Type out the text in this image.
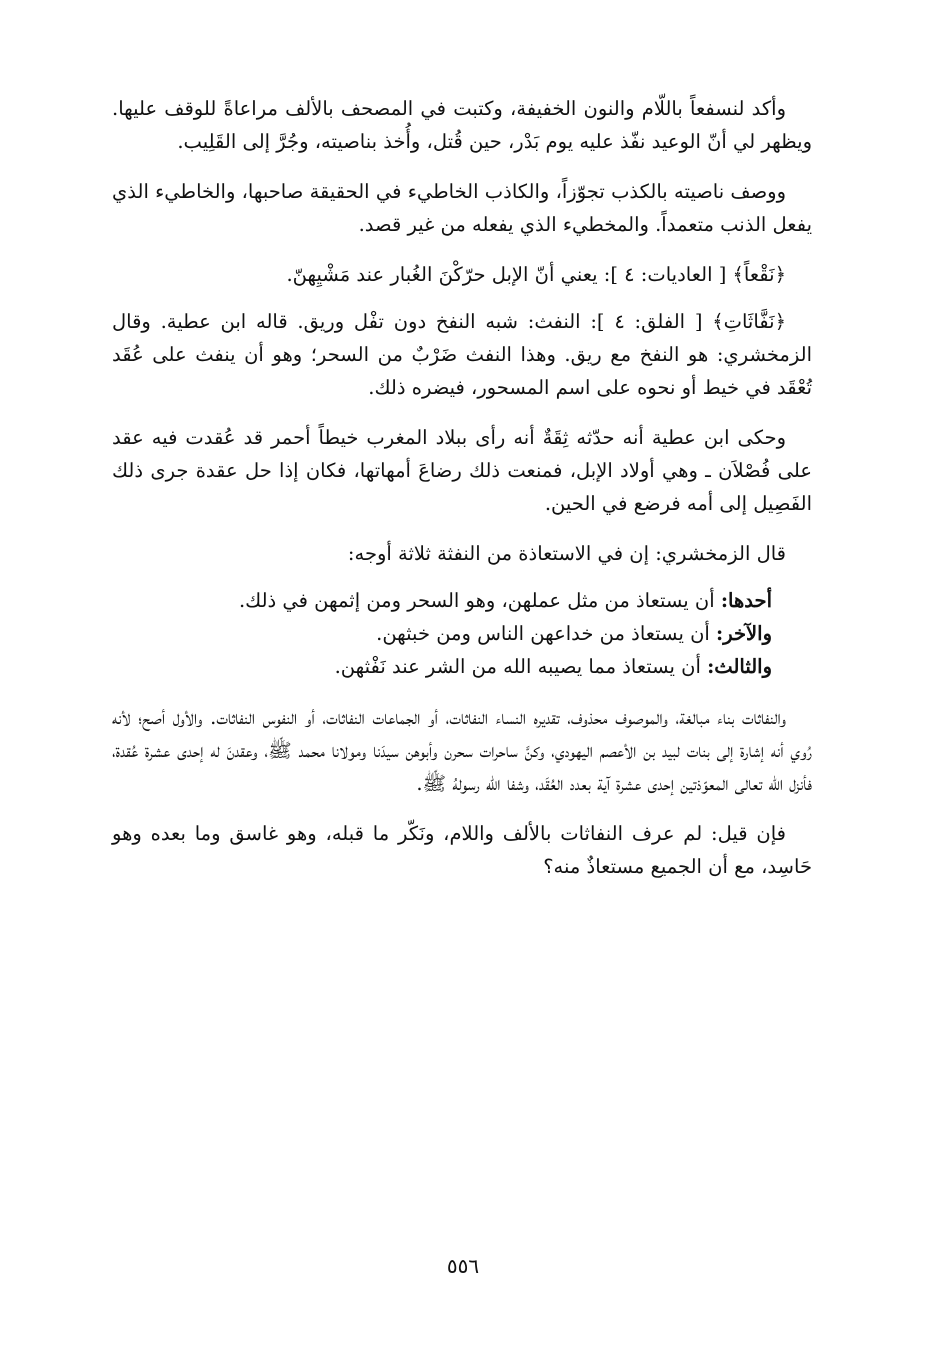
وأكد لنسفعاً باللّام والنون الخفيفة، وكتبت في المصحف بالألف مراعاةً للوقف عليها. ويظهر لي أنّ الوعيد نفّذ عليه يوم بَدْر، حين قُتل، وأُخذ بناصيته، وجُرَّ إلى القَلِيب.

ووصف ناصيته بالكذب تجوّزاً، والكاذب الخاطيء في الحقيقة صاحبها، والخاطيء الذي يفعل الذنب متعمداً. والمخطيء الذي يفعله من غير قصد.

﴿نَقْعاً﴾ [ العاديات: ٤ ]: يعني أنّ الإبل حرّكْنَ الغُبار عند مَشْيِهنّ.

﴿نَفَّاثَاتِ﴾ [ الفلق: ٤ ]: النفث: شبه النفخ دون تفْل وريق. قاله ابن عطية. وقال الزمخشري: هو النفخ مع ريق. وهذا النفث ضَرْبٌ من السحر؛ وهو أن ينفث على عُقَد تُعْقَد في خيط أو نحوه على اسم المسحور، فيضره ذلك.

وحكى ابن عطية أنه حدّثه ثِقَةٌ أنه رأى ببلاد المغرب خيطاً أحمر قد عُقدت فيه عقد على فُصْلاَن ـ وهي أولاد الإبل، فمنعت ذلك رضاعَ أمهاتها، فكان إذا حل عقدة جرى ذلك الفَصِيل إلى أمه فرضع في الحين.

قال الزمخشري: إن في الاستعاذة من النفثة ثلاثة أوجه:

أحدها: أن يستعاذ من مثل عملهن، وهو السحر ومن إثمهن في ذلك.

والآخر: أن يستعاذ من خداعهن الناس ومن خبثهن.

والثالث: أن يستعاذ مما يصيبه الله من الشر عند نَفْثهن.

والنفاثات بناء مبالغة، والموصوف محذوف، تقديره النساء النفاثات، أو الجماعات النفاثات، أو النفوس النفاثات. والأول أصح؛ لأنه رُوي أنه إشارة إلى بنات لبيد بن الأعصم اليهودي، وكنَّ ساحرات سحرن وأبوهن سيدَنا ومولانا محمد ﷺ، وعقدنَ له إحدى عشرة عُقدة، فأنزل الله تعالى المعوّذتين إحدى عشرة آية بعدد العُقَد، وشفا الله رسولهُ ﷺ.

فإن قيل: لم عرف النفاثات بالألف واللام، ونَكّر ما قبله، وهو غاسق وما بعده وهو حَاسِد، مع أن الجميع مستعاذٌ منه؟

٥٥٦
